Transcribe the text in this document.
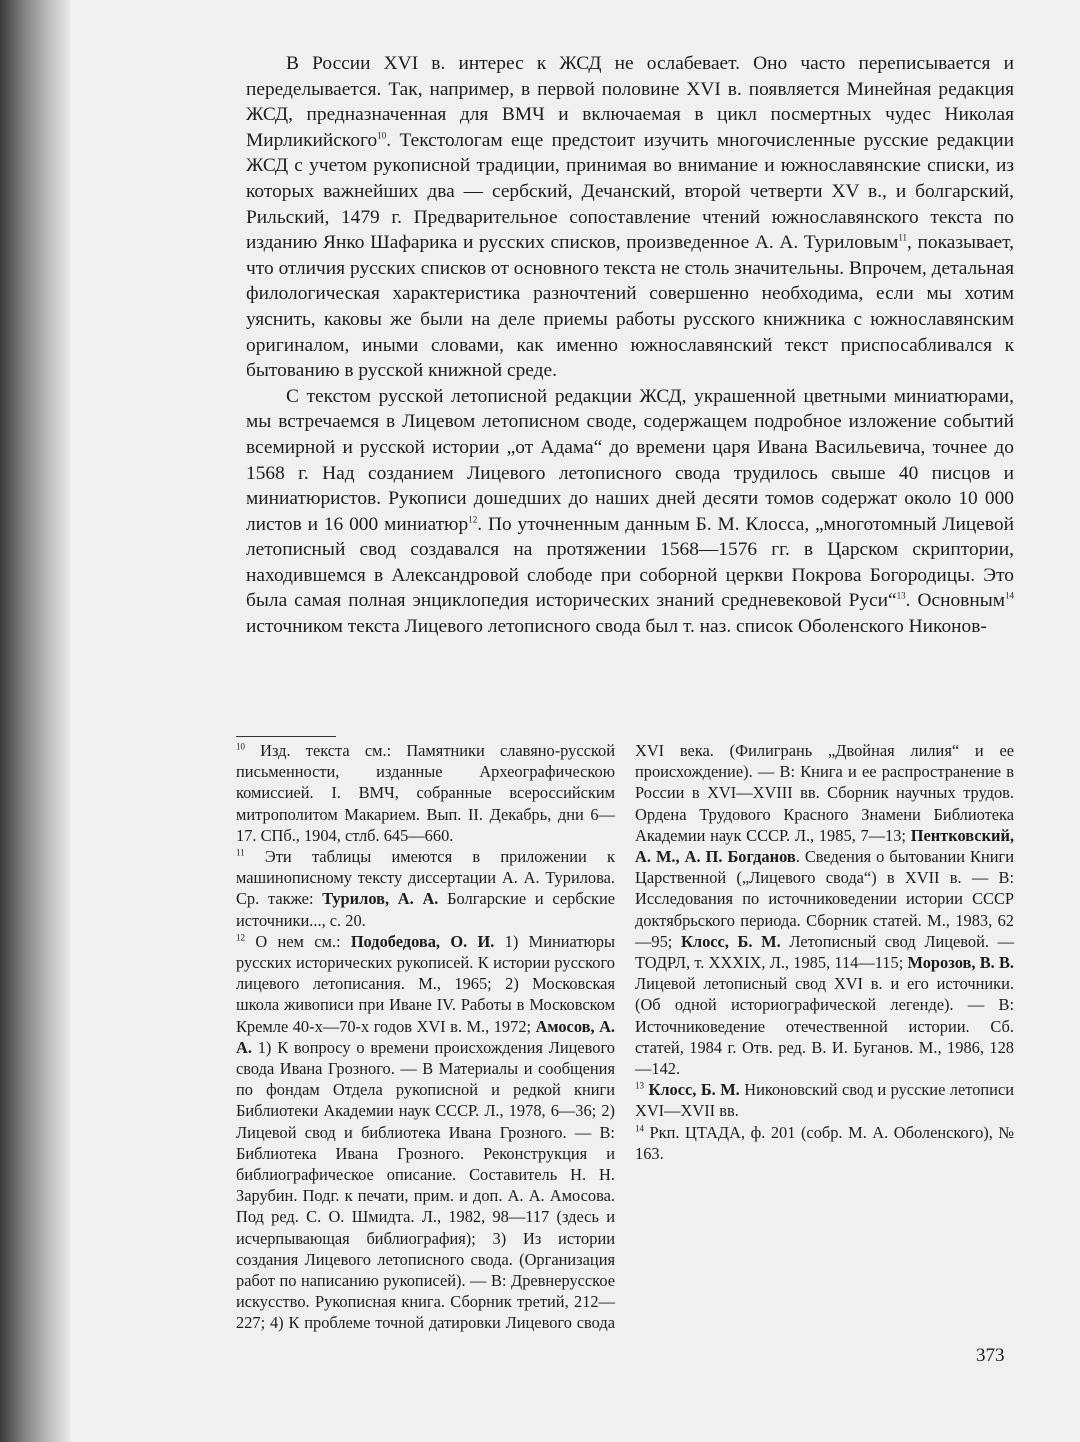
В России XVI в. интерес к ЖСД не ослабевает. Оно часто переписывается и переделывается. Так, например, в первой половине XVI в. появляется Минейная редакция ЖСД, предназначенная для ВМЧ и включаемая в цикл посмертных чудес Николая Мирликийского$^{10}$. Текстологам еще предстоит изучить многочисленные русские редакции ЖСД с учетом рукописной традиции, принимая во внимание и южнославянские списки, из которых важнейших два — сербский, Дечанский, второй четверти XV в., и болгарский, Рильский, 1479 г. Предварительное сопоставление чтений южнославянского текста по изданию Янко Шафарика и русских списков, произведенное А. А. Туриловым$^{11}$, показывает, что отличия русских списков от основного текста не столь значительны. Впрочем, детальная филологическая характеристика разночтений совершенно необходима, если мы хотим уяснить, каковы же были на деле приемы работы русского книжника с южнославянским оригиналом, иными словами, как именно южнославянский текст приспосабливался к бытованию в русской книжной среде.

С текстом русской летописной редакции ЖСД, украшенной цветными миниатюрами, мы встречаемся в Лицевом летописном своде, содержащем подробное изложение событий всемирной и русской истории „от Адама“ до времени царя Ивана Васильевича, точнее до 1568 г. Над созданием Лицевого летописного свода трудилось свыше 40 писцов и миниатюристов. Рукописи дошедших до наших дней десяти томов содержат около 10 000 листов и 16 000 миниатюр$^{12}$. По уточненным данным Б. М. Клосса, „многотомный Лицевой летописный свод создавался на протяжении 1568—1576 гг. в Царском скриптории, находившемся в Александровой слободе при соборной церкви Покрова Богородицы. Это была самая полная энциклопедия исторических знаний средневековой Руси“$^{13}$. Основным$^{14}$ источником текста Лицевого летописного свода был т. наз. список Оболенского Никонов-

$^{10}$ Изд. текста см.: Памятники славяно-русской письменности, изданные Археографическою комиссией. I. ВМЧ, собранные всероссийским митрополитом Макарием. Вып. II. Декабрь, дни 6—17. СПб., 1904, стлб. 645—660.

$^{11}$ Эти таблицы имеются в приложении к машинописному тексту диссертации А. А. Турилова. Ср. также: Турилов, А. А. Болгарские и сербские источники..., с. 20.

$^{12}$ О нем см.: Подобедова, О. И. 1) Миниатюры русских исторических рукописей. К истории русского лицевого летописания. М., 1965; 2) Московская школа живописи при Иване IV. Работы в Московском Кремле 40-х—70-х годов XVI в. М., 1972; Амосов, А. А. 1) К вопросу о времени происхождения Лицевого свода Ивана Грозного. — В Материалы и сообщения по фондам Отдела рукописной и редкой книги Библиотеки Академии наук СССР. Л., 1978, 6—36; 2) Лицевой свод и библиотека Ивана Грозного. — В: Библиотека Ивана Грозного. Реконструкция и библиографическое описание. Составитель Н. Н. Зарубин. Подг. к печати, прим. и доп. А. А. Амосова. Под ред. С. О. Шмидта. Л., 1982, 98—117 (здесь и исчерпывающая библиография); 3) Из истории создания Лицевого летописного свода. (Организация работ по написанию рукописей). — В: Древнерусское искусство. Рукописная книга. Сборник третий, 212—227; 4) К проблеме точной датировки Лицевого свода XVI века. (Филигрань „Двойная лилия“ и ее происхождение). — В: Книга и ее распространение в России в XVI—XVIII вв. Сборник научных трудов. Ордена Трудового Красного Знамени Библиотека Академии наук СССР. Л., 1985, 7—13; Пентковский, А. М., А. П. Богданов. Сведения о бытовании Книги Царственной („Лицевого свода“) в XVII в. — В: Исследования по источниковедении истории СССР доктябрьского периода. Сборник статей. М., 1983, 62—95; Клосс, Б. М. Летописный свод Лицевой. — ТОДРЛ, т. XXXIX, Л., 1985, 114—115; Морозов, В. В. Лицевой летописный свод XVI в. и его источники. (Об одной историографической легенде). — В: Источниковедение отечественной истории. Сб. статей, 1984 г. Отв. ред. В. И. Буганов. М., 1986, 128—142.

$^{13}$ Клосс, Б. М. Никоновский свод и русские летописи XVI—XVII вв.

$^{14}$ Ркп. ЦТАДА, ф. 201 (собр. М. А. Оболенского), № 163.

373
